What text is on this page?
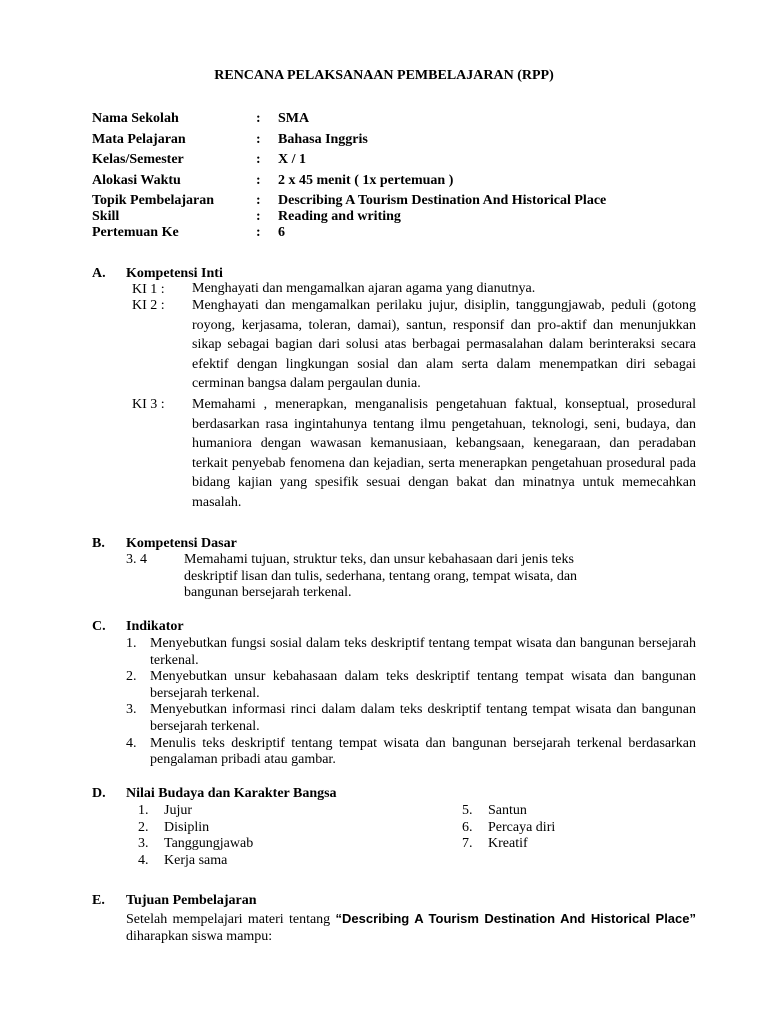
RENCANA PELAKSANAAN PEMBELAJARAN (RPP)
Nama Sekolah	: SMA
Mata Pelajaran	: Bahasa Inggris
Kelas/Semester	: X / 1
Alokasi Waktu	: 2 x 45 menit ( 1x pertemuan )
Topik Pembelajaran	: Describing A Tourism Destination And Historical Place
Skill	: Reading and writing
Pertemuan Ke	: 6
A. Kompetensi Inti
KI 1 : Menghayati dan mengamalkan ajaran agama yang dianutnya.
KI 2 : Menghayati dan mengamalkan perilaku jujur, disiplin, tanggungjawab, peduli (gotong royong, kerjasama, toleran, damai), santun, responsif dan pro-aktif dan menunjukkan sikap sebagai bagian dari solusi atas berbagai permasalahan dalam berinteraksi secara efektif dengan lingkungan sosial dan alam serta dalam menempatkan diri sebagai cerminan bangsa dalam pergaulan dunia.
KI 3 : Memahami , menerapkan, menganalisis pengetahuan faktual, konseptual, prosedural berdasarkan rasa ingintahunya tentang ilmu pengetahuan, teknologi, seni, budaya, dan humaniora dengan wawasan kemanusiaan, kebangsaan, kenegaraan, dan peradaban terkait penyebab fenomena dan kejadian, serta menerapkan pengetahuan prosedural pada bidang kajian yang spesifik sesuai dengan bakat dan minatnya untuk memecahkan masalah.
B. Kompetensi Dasar
3. 4	Memahami tujuan, struktur teks, dan unsur kebahasaan dari jenis teks deskriptif lisan dan tulis, sederhana, tentang orang, tempat wisata, dan bangunan bersejarah terkenal.
C. Indikator
1. Menyebutkan fungsi sosial dalam teks deskriptif tentang tempat wisata dan bangunan bersejarah terkenal.
2. Menyebutkan unsur kebahasaan dalam teks deskriptif tentang tempat wisata dan bangunan bersejarah terkenal.
3. Menyebutkan informasi rinci dalam dalam teks deskriptif tentang tempat wisata dan bangunan bersejarah terkenal.
4. Menulis teks deskriptif tentang tempat wisata dan bangunan bersejarah terkenal berdasarkan pengalaman pribadi atau gambar.
D. Nilai Budaya dan Karakter Bangsa
1. Jujur
2. Disiplin
3. Tanggungjawab
4. Kerja sama
5. Santun
6. Percaya diri
7. Kreatif
E. Tujuan Pembelajaran
Setelah mempelajari materi tentang “Describing A Tourism Destination And Historical Place” diharapkan siswa mampu:
